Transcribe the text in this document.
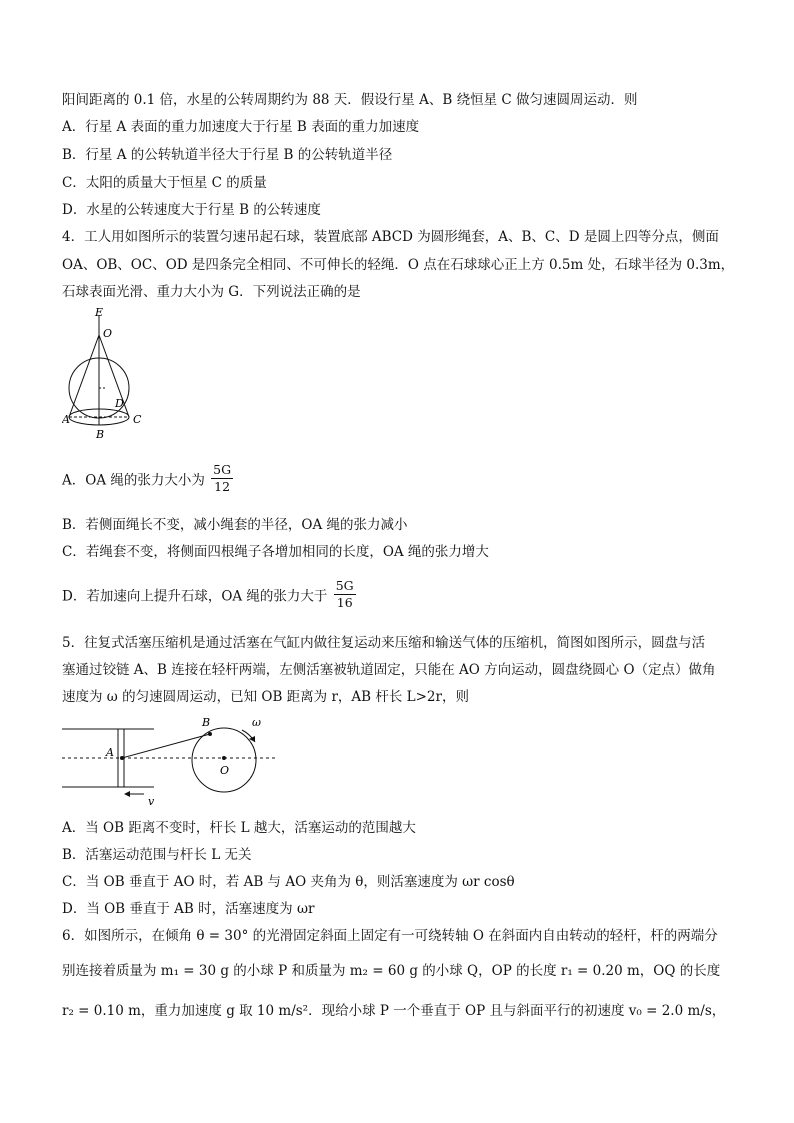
阳间距离的 0.1 倍，水星的公转周期约为 88 天．假设行星 A、B 绕恒星 C 做匀速圆周运动．则
A．行星 A 表面的重力加速度大于行星 B 表面的重力加速度
B．行星 A 的公转轨道半径大于行星 B 的公转轨道半径
C．太阳的质量大于恒星 C 的质量
D．水星的公转速度大于行星 B 的公转速度
4．工人用如图所示的装置匀速吊起石球，装置底部 ABCD 为圆形绳套，A、B、C、D 是圆上四等分点，侧面
OA、OB、OC、OD 是四条完全相同、不可伸长的轻绳．O 点在石球球心正上方 0.5m 处，石球半径为 0.3m，
石球表面光滑、重力大小为 G．下列说法正确的是
E
O
A
B
C
D
A．OA 绳的张力大小为 $\frac{5G}{12}$
B．若侧面绳长不变，减小绳套的半径，OA 绳的张力减小
C．若绳套不变，将侧面四根绳子各增加相同的长度，OA 绳的张力增大
D．若加速向上提升石球，OA 绳的张力大于 $\frac{5G}{16}$
5．往复式活塞压缩机是通过活塞在气缸内做往复运动来压缩和输送气体的压缩机，简图如图所示，圆盘与活
塞通过铰链 A、B 连接在轻杆两端，左侧活塞被轨道固定，只能在 AO 方向运动，圆盘绕圆心 O（定点）做角
速度为 ω 的匀速圆周运动，已知 OB 距离为 r，AB 杆长 L>2r，则
A
B
O
ω
v
A．当 OB 距离不变时，杆长 L 越大，活塞运动的范围越大
B．活塞运动范围与杆长 L 无关
C．当 OB 垂直于 AO 时，若 AB 与 AO 夹角为 θ，则活塞速度为 ωr cosθ
D．当 OB 垂直于 AB 时，活塞速度为 ωr
6．如图所示，在倾角 θ = 30° 的光滑固定斜面上固定有一可绕转轴 O 在斜面内自由转动的轻杆，杆的两端分
别连接着质量为 m₁ = 30 g 的小球 P 和质量为 m₂ = 60 g 的小球 Q，OP 的长度 r₁ = 0.20 m，OQ 的长度
r₂ = 0.10 m，重力加速度 g 取 10 m/s²．现给小球 P 一个垂直于 OP 且与斜面平行的初速度 v₀ = 2.0 m/s，
